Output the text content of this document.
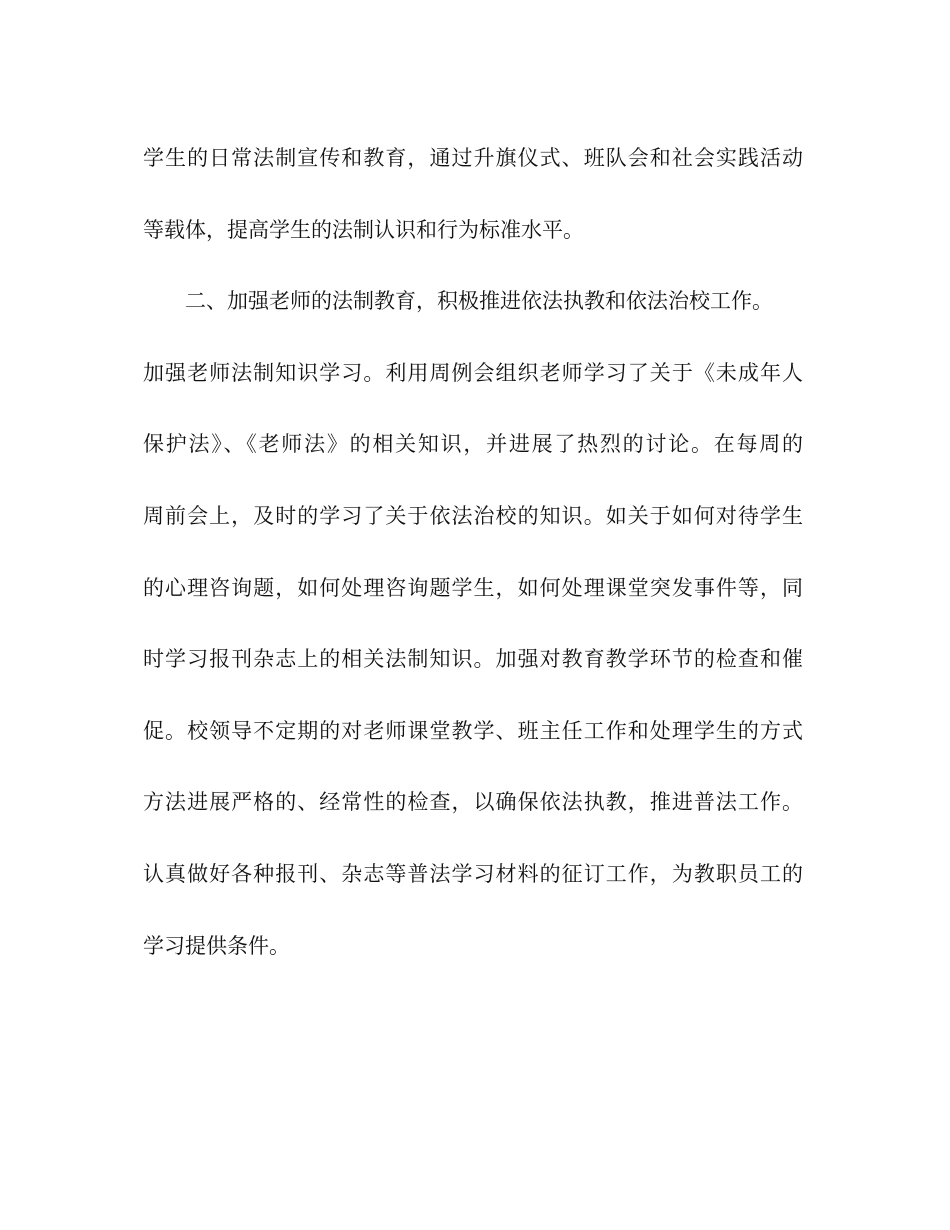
学生的日常法制宣传和教育，通过升旗仪式、班队会和社会实践活动
等载体，提高学生的法制认识和行为标准水平。
二、加强老师的法制教育，积极推进依法执教和依法治校工作。
加强老师法制知识学习。利用周例会组织老师学习了关于《未成年人
保护法》、《老师法》的相关知识，并进展了热烈的讨论。在每周的
周前会上，及时的学习了关于依法治校的知识。如关于如何对待学生
的心理咨询题，如何处理咨询题学生，如何处理课堂突发事件等，同
时学习报刊杂志上的相关法制知识。加强对教育教学环节的检查和催
促。校领导不定期的对老师课堂教学、班主任工作和处理学生的方式
方法进展严格的、经常性的检查，以确保依法执教，推进普法工作。
认真做好各种报刊、杂志等普法学习材料的征订工作，为教职员工的
学习提供条件。
